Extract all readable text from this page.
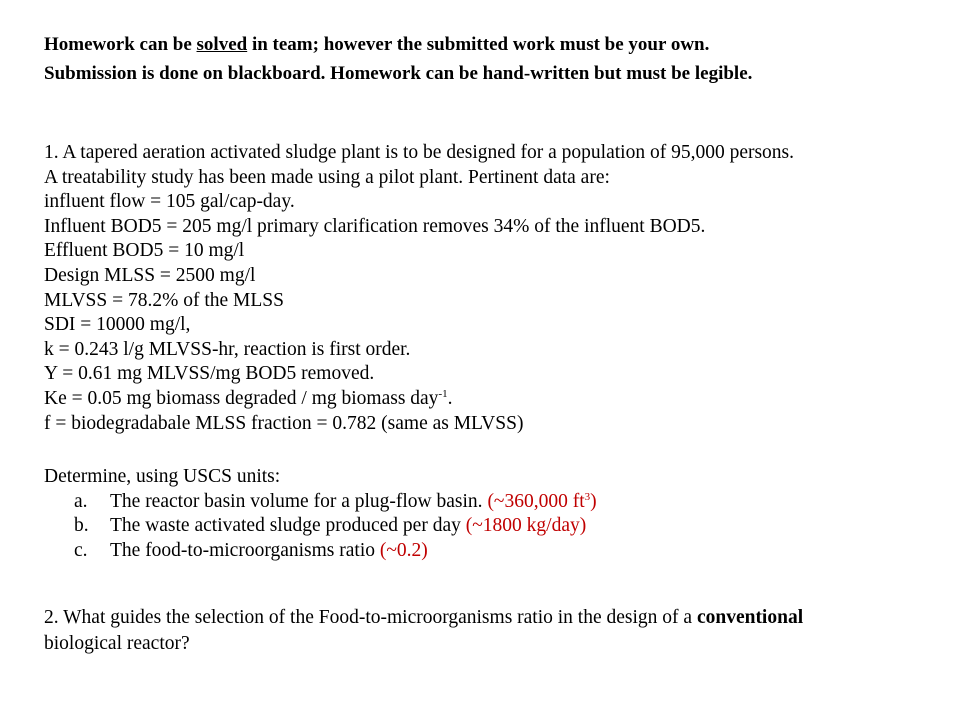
Homework can be solved in team; however the submitted work must be your own.
Submission is done on blackboard. Homework can be hand-written but must be legible.
1. A tapered aeration activated sludge plant is to be designed for a population of 95,000 persons.
A treatability study has been made using a pilot plant. Pertinent data are:
influent flow = 105 gal/cap-day.
Influent BOD5 = 205 mg/l primary clarification removes 34% of the influent BOD5.
Effluent BOD5 = 10 mg/l
Design MLSS = 2500 mg/l
MLVSS = 78.2% of the MLSS
SDI = 10000 mg/l,
k = 0.243 l/g MLVSS-hr, reaction is first order.
Y = 0.61 mg MLVSS/mg BOD5 removed.
Ke = 0.05 mg biomass degraded / mg biomass day$^{-1}$.
f = biodegradabale MLSS fraction = 0.782 (same as MLVSS)
Determine, using USCS units:
a. The reactor basin volume for a plug-flow basin. (~360,000 $ft^3$)
b. The waste activated sludge produced per day (~1800 kg/day)
c. The food-to-microorganisms ratio (~0.2)
2. What guides the selection of the Food-to-microorganisms ratio in the design of a conventional
biological reactor?
